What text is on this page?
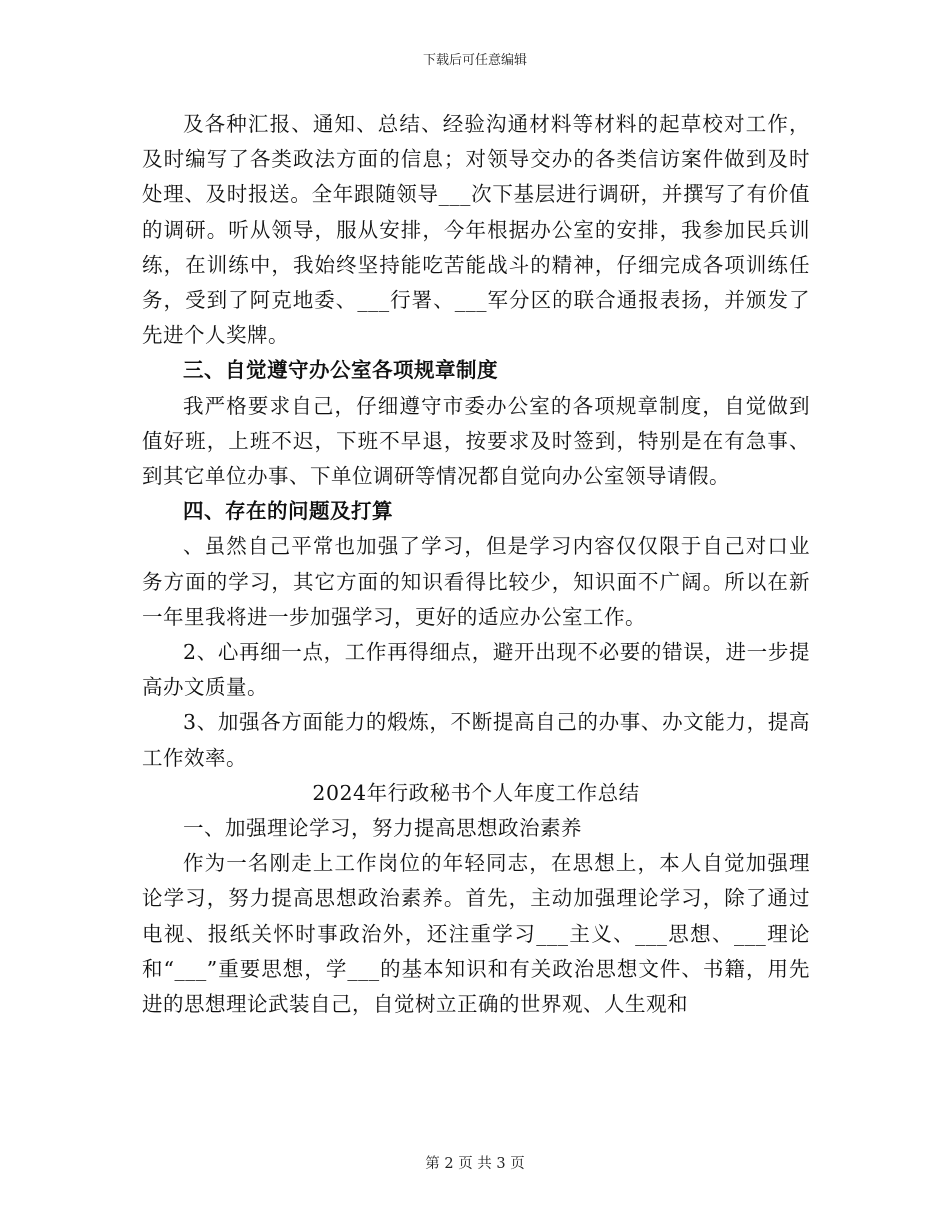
下载后可任意编辑

及各种汇报、通知、总结、经验沟通材料等材料的起草校对工作，及时编写了各类政法方面的信息；对领导交办的各类信访案件做到及时处理、及时报送。全年跟随领导___次下基层进行调研，并撰写了有价值的调研。听从领导，服从安排，今年根据办公室的安排，我参加民兵训练，在训练中，我始终坚持能吃苦能战斗的精神，仔细完成各项训练任务，受到了阿克地委、___行署、___军分区的联合通报表扬，并颁发了先进个人奖牌。

三、自觉遵守办公室各项规章制度

我严格要求自己，仔细遵守市委办公室的各项规章制度，自觉做到值好班，上班不迟，下班不早退，按要求及时签到，特别是在有急事、到其它单位办事、下单位调研等情况都自觉向办公室领导请假。

四、存在的问题及打算

、虽然自己平常也加强了学习，但是学习内容仅仅限于自己对口业务方面的学习，其它方面的知识看得比较少，知识面不广阔。所以在新一年里我将进一步加强学习，更好的适应办公室工作。

2、心再细一点，工作再得细点，避开出现不必要的错误，进一步提高办文质量。

3、加强各方面能力的煅炼，不断提高自己的办事、办文能力，提高工作效率。

2024年行政秘书个人年度工作总结

一、加强理论学习，努力提高思想政治素养

作为一名刚走上工作岗位的年轻同志，在思想上，本人自觉加强理论学习，努力提高思想政治素养。首先，主动加强理论学习，除了通过电视、报纸关怀时事政治外，还注重学习___主义、___思想、___理论和“___”重要思想，学___的基本知识和有关政治思想文件、书籍，用先进的思想理论武装自己，自觉树立正确的世界观、人生观和

第 2 页 共 3 页
